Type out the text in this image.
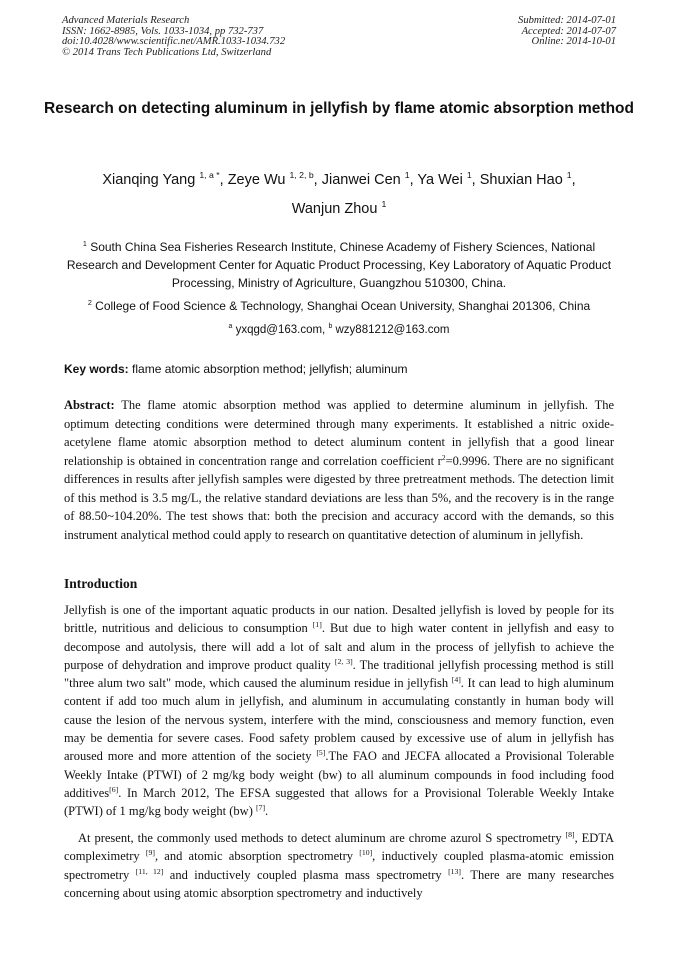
Advanced Materials Research
ISSN: 1662-8985, Vols. 1033-1034, pp 732-737
doi:10.4028/www.scientific.net/AMR.1033-1034.732
© 2014 Trans Tech Publications Ltd, Switzerland
Submitted: 2014-07-01
Accepted: 2014-07-07
Online: 2014-10-01
Research on detecting aluminum in jellyfish by flame atomic absorption method
Xianqing Yang $^{1, a *}$, Zeye Wu $^{1, 2, b}$, Jianwei Cen $^1$, Ya Wei $^1$, Shuxian Hao $^1$,
Wanjun Zhou $^1$
$^1$ South China Sea Fisheries Research Institute, Chinese Academy of Fishery Sciences, National Research and Development Center for Aquatic Product Processing, Key Laboratory of Aquatic Product Processing, Ministry of Agriculture, Guangzhou 510300, China.
$^2$ College of Food Science & Technology, Shanghai Ocean University, Shanghai 201306, China
$^a$ yxqgd@163.com, $^b$ wzy881212@163.com
Key words: flame atomic absorption method; jellyfish; aluminum
Abstract: The flame atomic absorption method was applied to determine aluminum in jellyfish. The optimum detecting conditions were determined through many experiments. It established a nitric oxide-acetylene flame atomic absorption method to detect aluminum content in jellyfish that a good linear relationship is obtained in concentration range and correlation coefficient $r^2=0.9996$. There are no significant differences in results after jellyfish samples were digested by three pretreatment methods. The detection limit of this method is 3.5 mg/L, the relative standard deviations are less than 5%, and the recovery is in the range of 88.50~104.20%. The test shows that: both the precision and accuracy accord with the demands, so this instrument analytical method could apply to research on quantitative detection of aluminum in jellyfish.
Introduction
Jellyfish is one of the important aquatic products in our nation. Desalted jellyfish is loved by people for its brittle, nutritious and delicious to consumption [1]. But due to high water content in jellyfish and easy to decompose and autolysis, there will add a lot of salt and alum in the process of jellyfish to achieve the purpose of dehydration and improve product quality [2, 3]. The traditional jellyfish processing method is still "three alum two salt" mode, which caused the aluminum residue in jellyfish [4]. It can lead to high aluminum content if add too much alum in jellyfish, and aluminum in accumulating constantly in human body will cause the lesion of the nervous system, interfere with the mind, consciousness and memory function, even may be dementia for severe cases. Food safety problem caused by excessive use of alum in jellyfish has aroused more and more attention of the society [5].The FAO and JECFA allocated a Provisional Tolerable Weekly Intake (PTWI) of 2 mg/kg body weight (bw) to all aluminum compounds in food including food additives[6]. In March 2012, The EFSA suggested that allows for a Provisional Tolerable Weekly Intake (PTWI) of 1 mg/kg body weight (bw) [7].
At present, the commonly used methods to detect aluminum are chrome azurol S spectrometry [8], EDTA compleximetry [9], and atomic absorption spectrometry [10], inductively coupled plasma-atomic emission spectrometry [11, 12] and inductively coupled plasma mass spectrometry [13]. There are many researches concerning about using atomic absorption spectrometry and inductively
